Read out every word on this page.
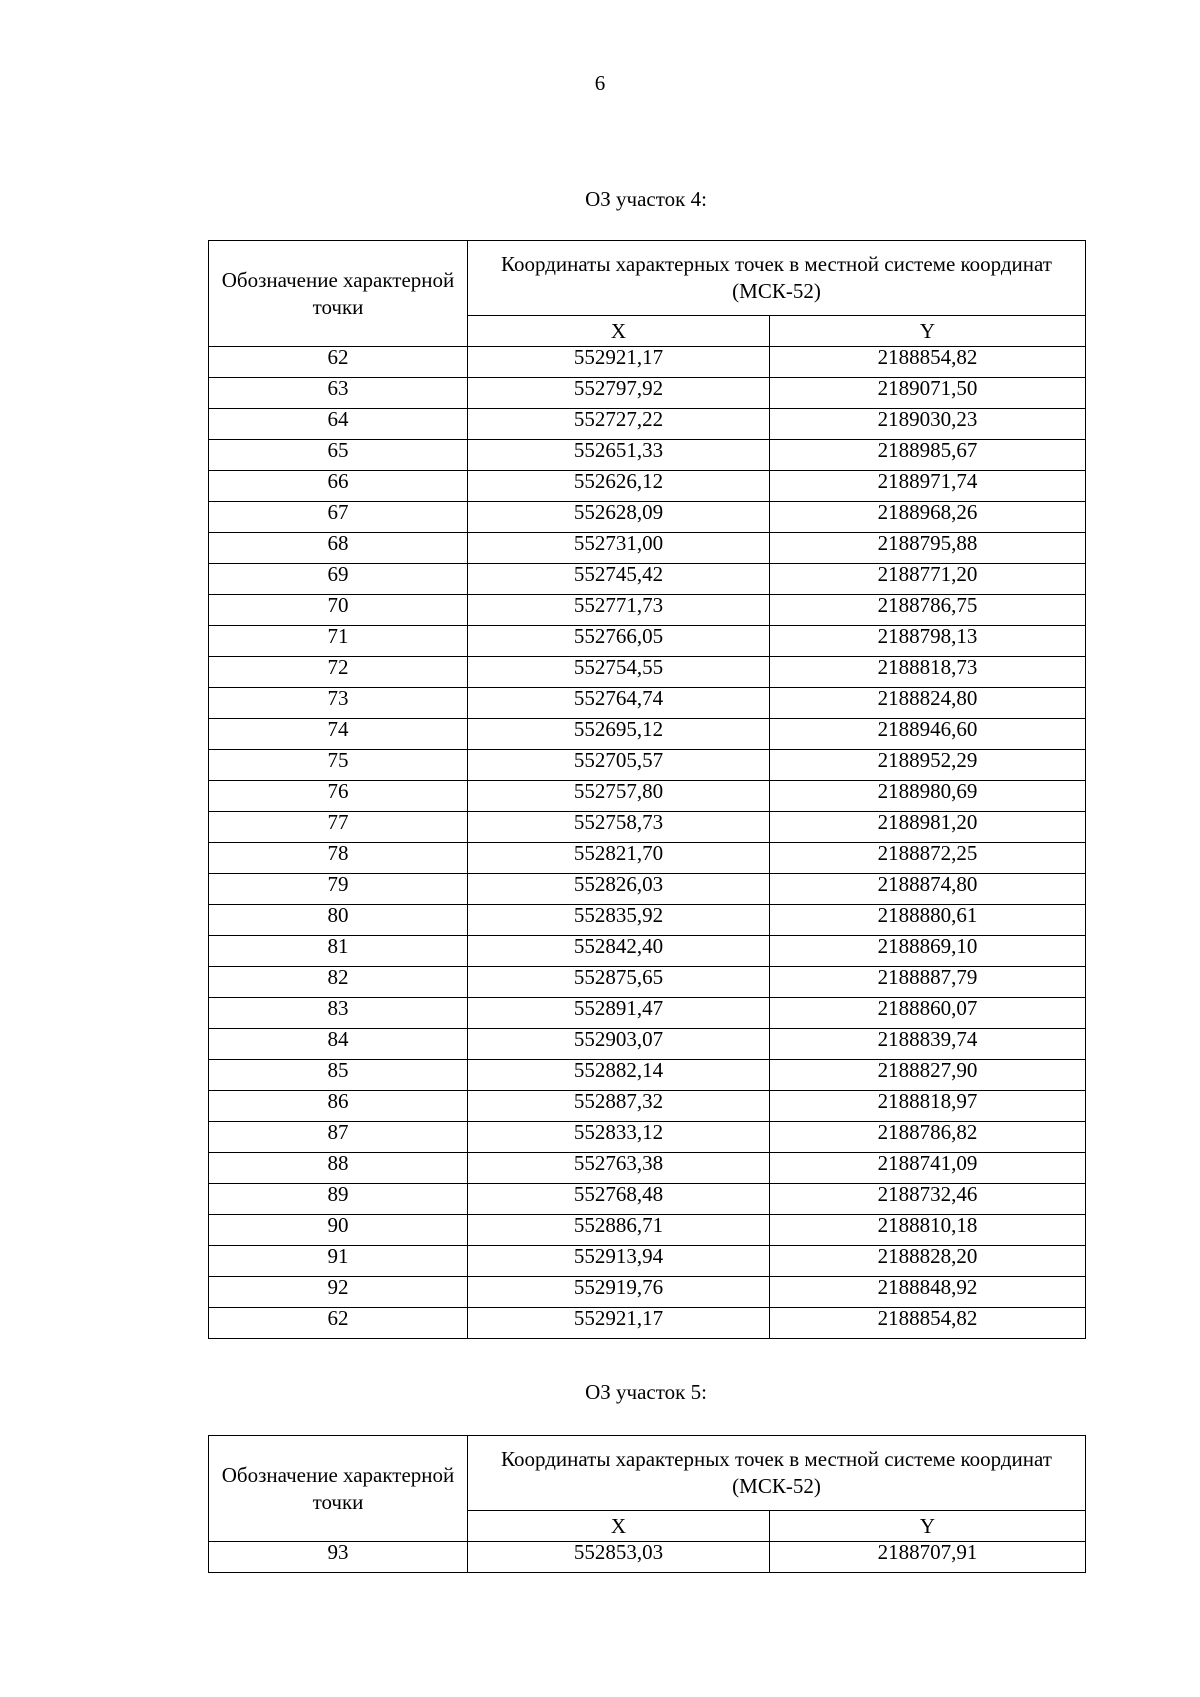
6
ОЗ участок 4:
Обозначение характерной точки	Координаты характерных точек в местной системе координат (МСК-52)	
	X	Y
62	552921,17	2188854,82
63	552797,92	2189071,50
64	552727,22	2189030,23
65	552651,33	2188985,67
66	552626,12	2188971,74
67	552628,09	2188968,26
68	552731,00	2188795,88
69	552745,42	2188771,20
70	552771,73	2188786,75
71	552766,05	2188798,13
72	552754,55	2188818,73
73	552764,74	2188824,80
74	552695,12	2188946,60
75	552705,57	2188952,29
76	552757,80	2188980,69
77	552758,73	2188981,20
78	552821,70	2188872,25
79	552826,03	2188874,80
80	552835,92	2188880,61
81	552842,40	2188869,10
82	552875,65	2188887,79
83	552891,47	2188860,07
84	552903,07	2188839,74
85	552882,14	2188827,90
86	552887,32	2188818,97
87	552833,12	2188786,82
88	552763,38	2188741,09
89	552768,48	2188732,46
90	552886,71	2188810,18
91	552913,94	2188828,20
92	552919,76	2188848,92
62	552921,17	2188854,82
ОЗ участок 5:
Обозначение характерной точки	Координаты характерных точек в местной системе координат (МСК-52)	
	X	Y
93	552853,03	2188707,91
